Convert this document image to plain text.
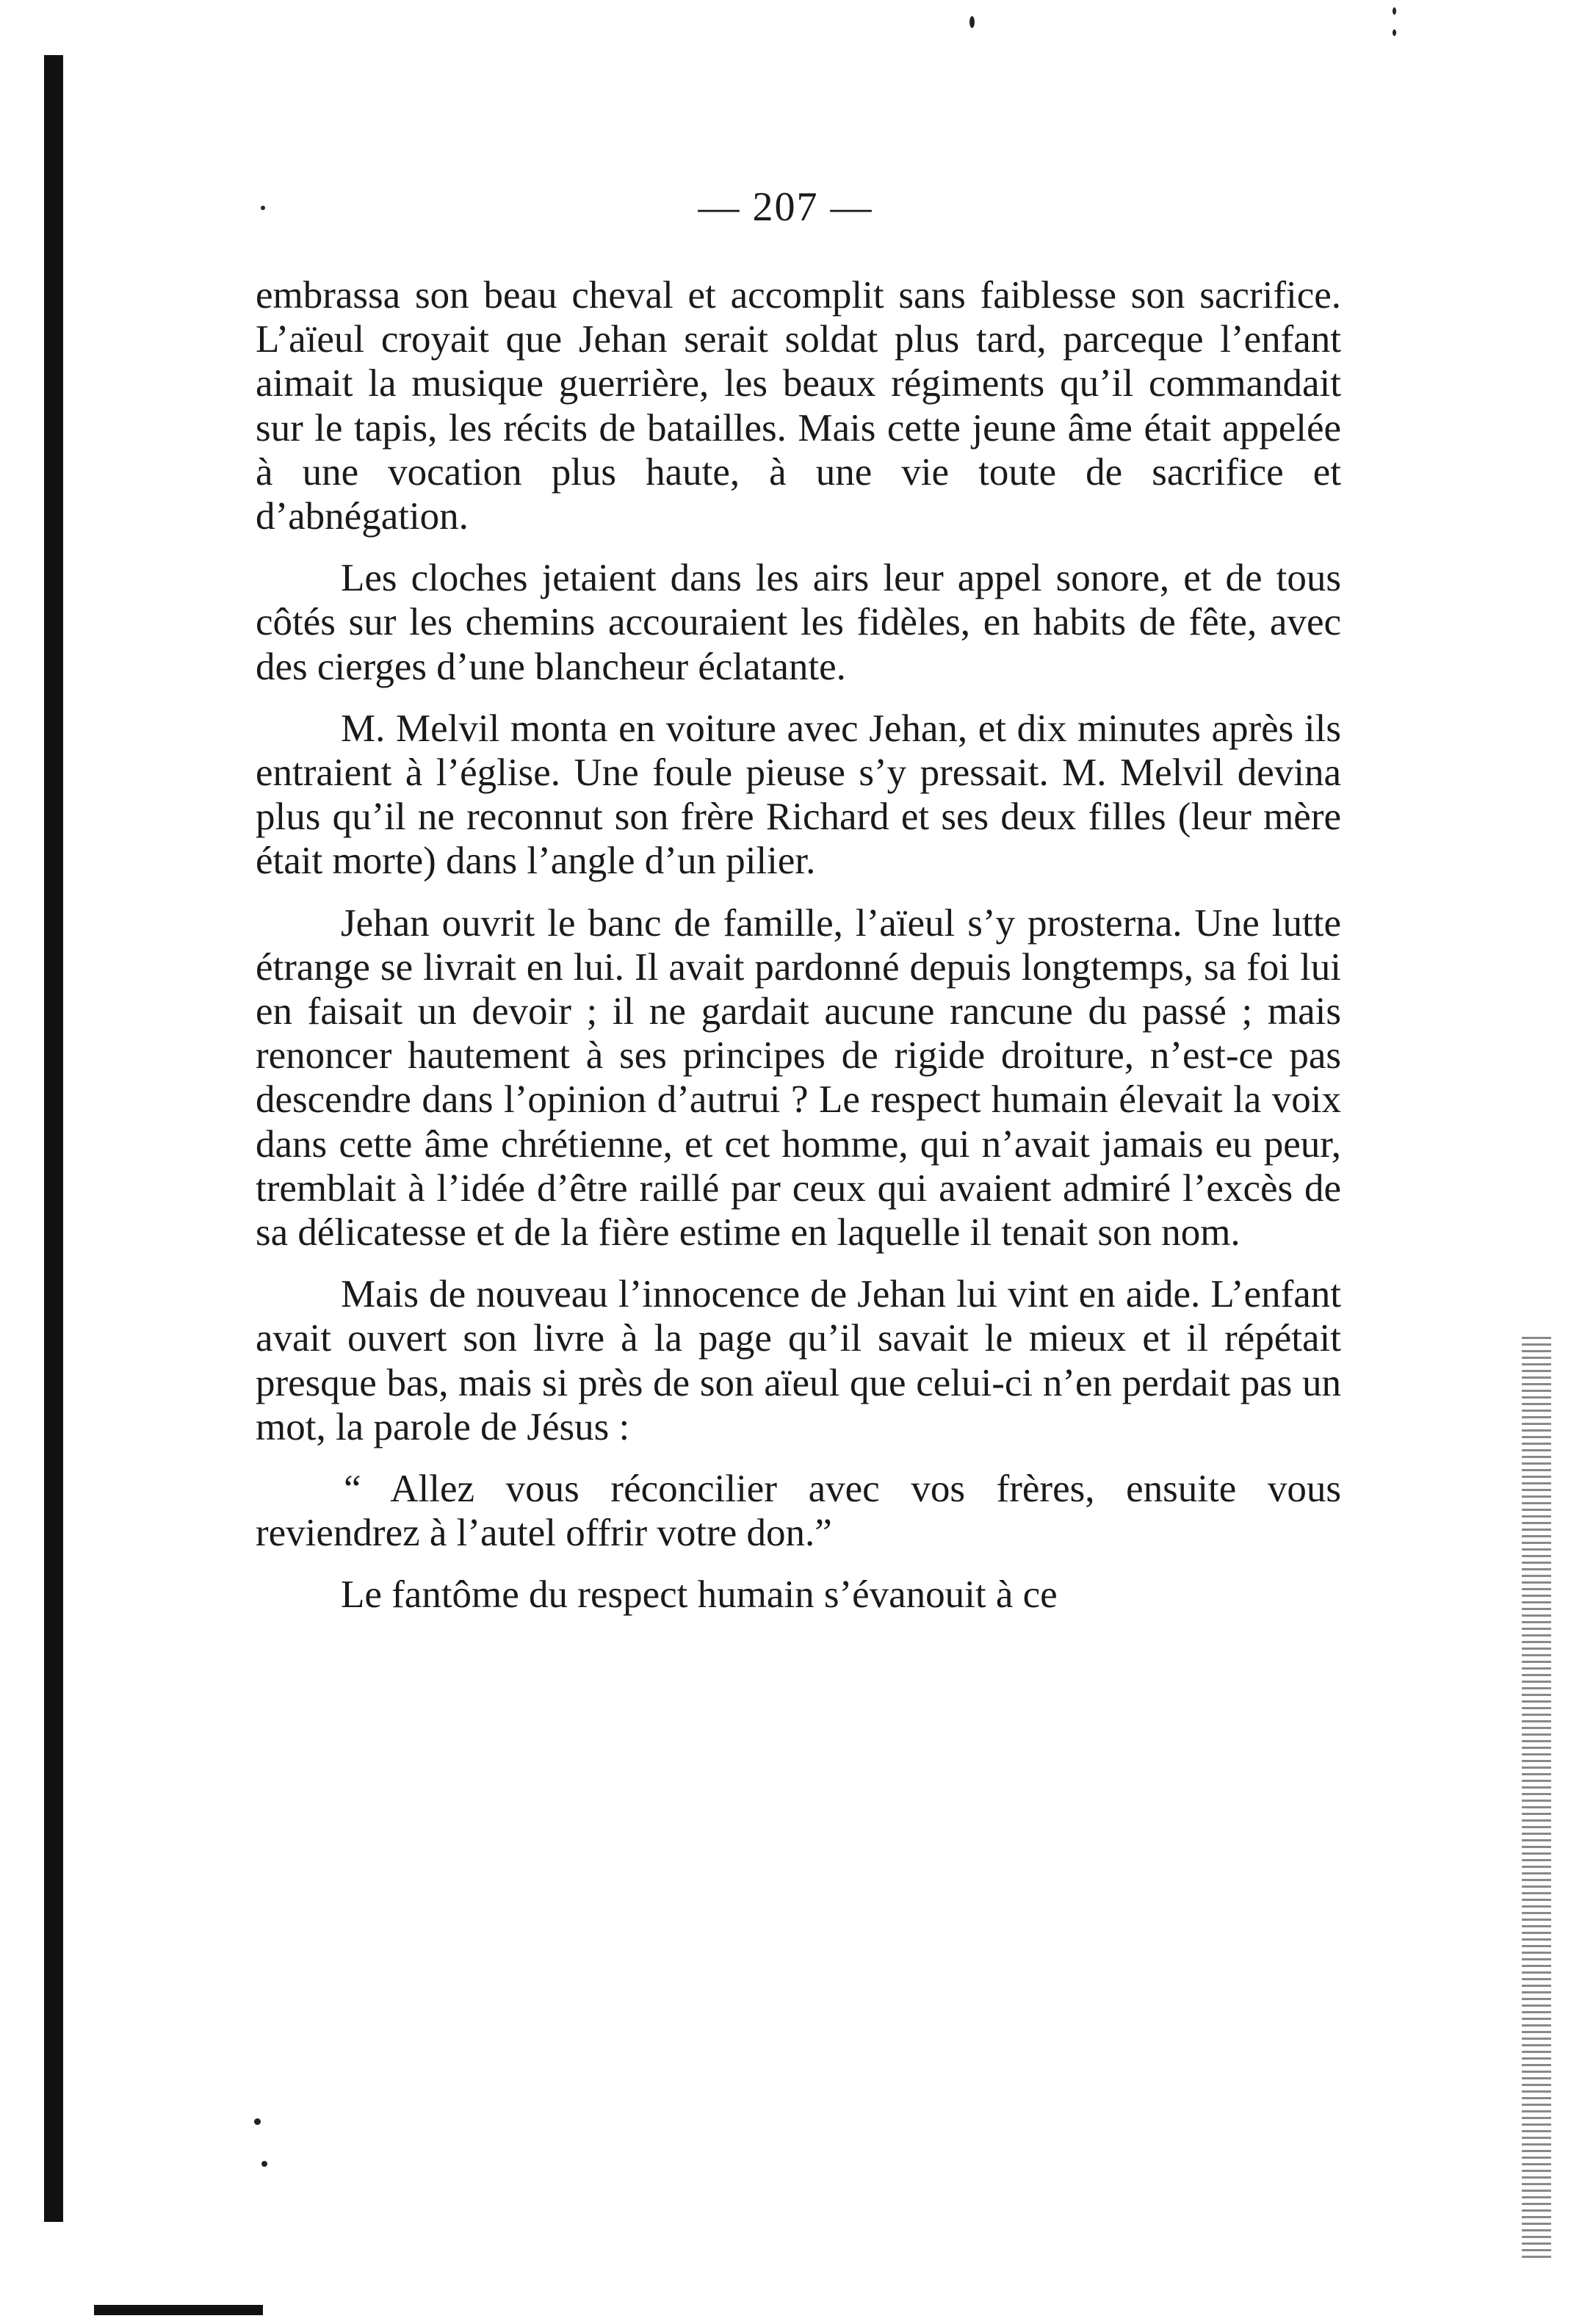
— 207 —

embrassa son beau cheval et accomplit sans faiblesse son sacrifice. L’aïeul croyait que Jehan serait soldat plus tard, parceque l’enfant aimait la musique guerrière, les beaux régiments qu’il commandait sur le tapis, les récits de batailles. Mais cette jeune âme était appelée à une vocation plus haute, à une vie toute de sacrifice et d’abnégation.

Les cloches jetaient dans les airs leur appel sonore, et de tous côtés sur les chemins accouraient les fidèles, en habits de fête, avec des cierges d’une blancheur éclatante.

M. Melvil monta en voiture avec Jehan, et dix minutes après ils entraient à l’église. Une foule pieuse s’y pressait. M. Melvil devina plus qu’il ne reconnut son frère Richard et ses deux filles (leur mère était morte) dans l’angle d’un pilier.

Jehan ouvrit le banc de famille, l’aïeul s’y prosterna. Une lutte étrange se livrait en lui. Il avait pardonné depuis longtemps, sa foi lui en faisait un devoir ; il ne gardait aucune rancune du passé ; mais renoncer hautement à ses principes de rigide droiture, n’est-ce pas descendre dans l’opinion d’autrui ? Le respect humain élevait la voix dans cette âme chrétienne, et cet homme, qui n’avait jamais eu peur, tremblait à l’idée d’être raillé par ceux qui avaient admiré l’excès de sa délicatesse et de la fière estime en laquelle il tenait son nom.

Mais de nouveau l’innocence de Jehan lui vint en aide. L’enfant avait ouvert son livre à la page qu’il savait le mieux et il répétait presque bas, mais si près de son aïeul que celui-ci n’en perdait pas un mot, la parole de Jésus :

“ Allez vous réconcilier avec vos frères, ensuite vous reviendrez à l’autel offrir votre don.”

Le fantôme du respect humain s’évanouit à ce
